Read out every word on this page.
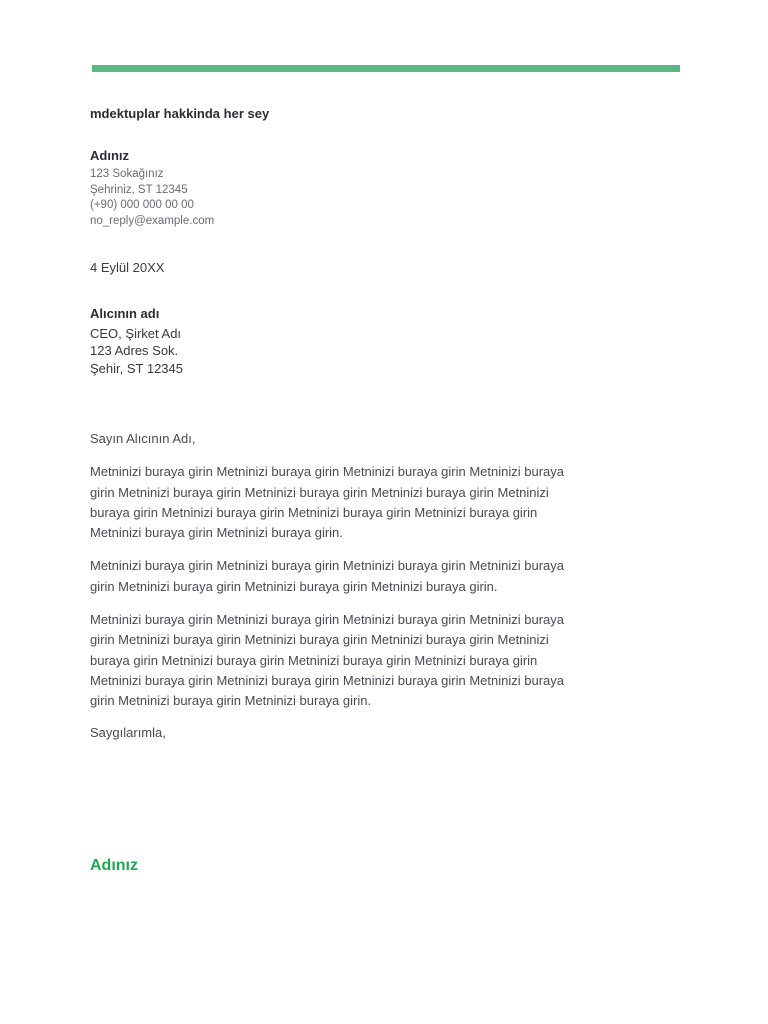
mdektuplar hakkinda her sey
Adınız
123 Sokağınız
Şehriniz, ST 12345
(+90) 000 000 00 00
no_reply@example.com
4 Eylül 20XX
Alıcının adı
CEO, Şirket Adı
123 Adres Sok.
Şehir, ST 12345

Sayın Alıcının Adı,

Metninizi buraya girin Metninizi buraya girin Metninizi buraya girin Metninizi buraya girin Metninizi buraya girin Metninizi buraya girin Metninizi buraya girin Metninizi buraya girin Metninizi buraya girin Metninizi buraya girin Metninizi buraya girin Metninizi buraya girin Metninizi buraya girin.

Metninizi buraya girin Metninizi buraya girin Metninizi buraya girin Metninizi buraya girin Metninizi buraya girin Metninizi buraya girin Metninizi buraya girin.

Metninizi buraya girin Metninizi buraya girin Metninizi buraya girin Metninizi buraya girin Metninizi buraya girin Metninizi buraya girin Metninizi buraya girin Metninizi buraya girin Metninizi buraya girin Metninizi buraya girin Metninizi buraya girin Metninizi buraya girin Metninizi buraya girin Metninizi buraya girin Metninizi buraya girin Metninizi buraya girin Metninizi buraya girin.

Saygılarımla,
Adınız
